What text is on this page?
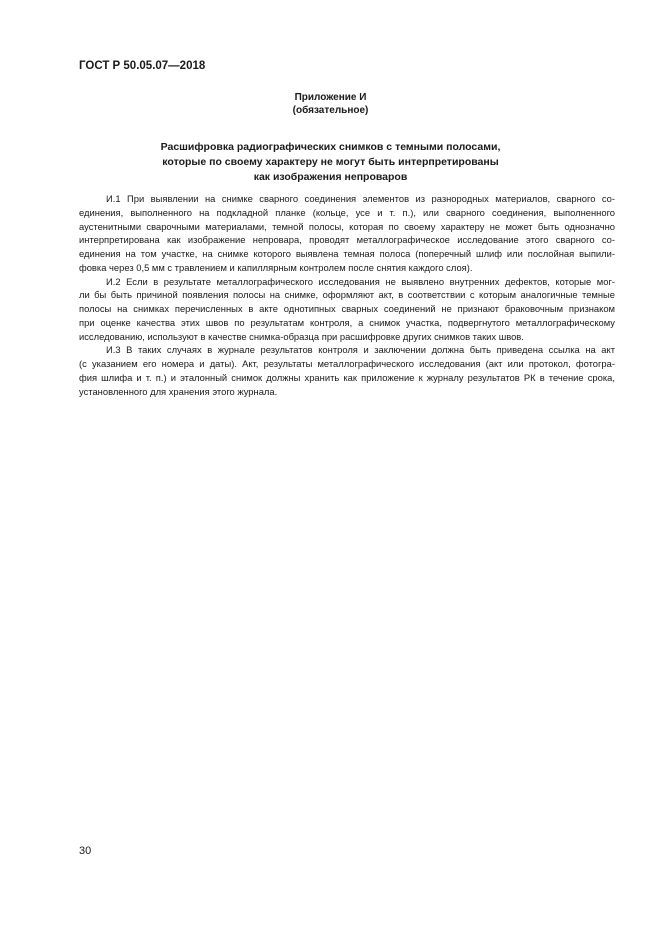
ГОСТ Р 50.05.07—2018
Приложение И
(обязательное)
Расшифровка радиографических снимков с темными полосами,
которые по своему характеру не могут быть интерпретированы
как изображения непроваров
И.1 При выявлении на снимке сварного соединения элементов из разнородных материалов, сварного со-
единения, выполненного на подкладной планке (кольце, усе и т. п.), или сварного соединения, выполненного
аустенитными сварочными материалами, темной полосы, которая по своему характеру не может быть однозначно
интерпретирована как изображение непровара, проводят металлографическое исследование этого сварного со-
единения на том участке, на снимке которого выявлена темная полоса (поперечный шлиф или послойная выпили-
фовка через 0,5 мм с травлением и капиллярным контролем после снятия каждого слоя).
И.2 Если в результате металлографического исследования не выявлено внутренних дефектов, которые мог-
ли бы быть причиной появления полосы на снимке, оформляют акт, в соответствии с которым аналогичные темные
полосы на снимках перечисленных в акте однотипных сварных соединений не признают браковочным признаком
при оценке качества этих швов по результатам контроля, а снимок участка, подвергнутого металлографическому
исследованию, используют в качестве снимка-образца при расшифровке других снимков таких швов.
И.3 В таких случаях в журнале результатов контроля и заключении должна быть приведена ссылка на акт
(с указанием его номера и даты). Акт, результаты металлографического исследования (акт или протокол, фотогра-
фия шлифа и т. п.) и эталонный снимок должны хранить как приложение к журналу результатов РК в течение срока,
установленного для хранения этого журнала.
30
